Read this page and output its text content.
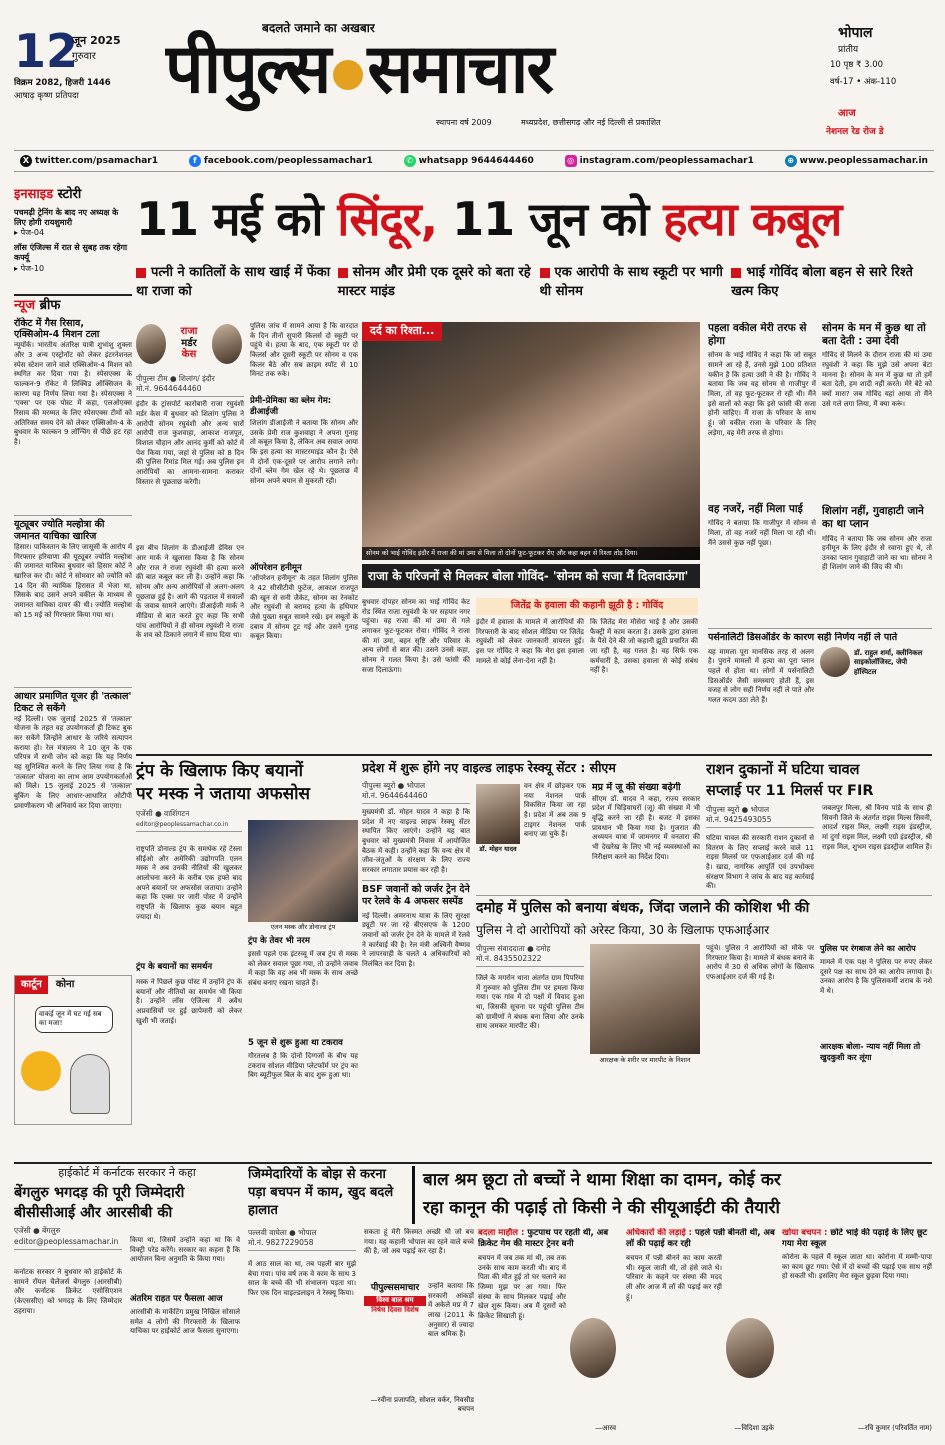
12
जून 2025
गुरुवार
विक्रम 2082, हिजरी 1446
आषाढ़ कृष्ण प्रतिपदा
बदलते जमाने का अखबार
पीपुल्स समाचार
स्थापना वर्ष 2009	मध्यप्रदेश, छत्तीसगढ़ और नई दिल्ली से प्रकाशित
भोपाल
प्रांतीय
10 पृष्ठ ₹ 3.00
वर्ष-17 • अंक-110
आज
नेशनल रेड रोज डे
X twitter.com/psamachar1	f facebook.com/peoplessamachar1	✆ whatsapp 9644644460	◎ instagram.com/peoplessamachar1	⊕ www.peoplessamachar.in
इनसाइड स्टोरी
पचमढ़ी ट्रेनिंग के बाद नए अध्यक्ष के लिए होगी रायशुमारी
▸ पेज-04
लॉस एंजिल्स में रात से सुबह तक रहेगा कर्फ्यू
▸ पेज-10
न्यूज ब्रीफ
रॉकेट में गैस रिसाव, एक्सिओम-4 मिशन टला
न्यूयॉर्क। भारतीय अंतरिक्ष यात्री शुभांशु शुक्ला और 3 अन्य एस्ट्रोनॉट को लेकर इंटरनेशनल स्पेस स्टेशन जाने वाले एक्सिओम-4 मिशन को स्थगित कर दिया गया है। स्पेसएक्स के फाल्कन-9 रॉकेट में लिक्विड ऑक्सिजन के कारण यह निर्णय लिया गया है। स्पेसएक्स ने 'एक्स' पर एक पोस्ट में कहा, एलओएक्स रिसाव की मरम्मत के लिए स्पेसएक्स टीमों को अतिरिक्त समय देने को लेकर एक्सिओम-4 के बुधवार के फाल्कन 9 लॉन्चिंग से पीछे हट रहा है।
यूट्यूबर ज्योति मल्होत्रा की जमानत याचिका खारिज
हिसार। पाकिस्तान के लिए जासूसी के आरोप में गिरफ्तार हरियाणा की यूट्यूबर ज्योति मल्होत्रा की जमानत याचिका बुधवार को हिसार कोर्ट ने खारिज कर दी। कोर्ट ने सोमवार को ज्योति को 14 दिन की न्यायिक हिरासत में भेजा था, जिसके बाद उसने अपने वकील के माध्यम से जमानत याचिका दायर की थी। ज्योति मल्होत्रा को 15 मई को गिरफ्तार किया गया था।
आधार प्रमाणित यूजर ही 'तत्काल' टिकट ले सकेंगे
नई दिल्ली। एक जुलाई 2025 से 'तत्काल' योजना के तहत वह उपयोगकर्ता ही टिकट बुक कर सकेंगे जिन्होंने आधार के जरिये सत्यापन कराया हो। रेल मंत्रालय ने 10 जून के एक परिपत्र में सभी जोन को कहा कि यह निर्णय यह सुनिश्चित करने के लिए लिया गया है कि 'तत्काल' योजना का लाभ आम उपयोगकर्ताओं को मिले। 15 जुलाई 2025 से 'तत्काल' बुकिंग के लिए आधार-आधारित ओटीपी प्रमाणीकरण भी अनिवार्य कर दिया जाएगा।
कार्टून	कोना
वाकई जून में घट गई सब का मजा!
11 मई को सिंदूर, 11 जून को हत्या कबूल
पत्नी ने कातिलों के साथ खाई में फेंका था राजा को
सोनम और प्रेमी एक दूसरे को बता रहे मास्टर माइंड
एक आरोपी के साथ स्कूटी पर भागी थी सोनम
भाई गोविंद बोला बहन से सारे रिश्ते खत्म किए
राजा
मर्डर
केस
पीपुल्स टीम ● शिलांग/ इंदौर
मो.नं. 9644644460
इंदौर के ट्रांसपोर्ट कारोबारी राजा रघुवंशी मर्डर केस में बुधवार को शिलांग पुलिस ने आरोपी सोनम रघुवंशी और अन्य चारों आरोपी राज कुशवाहा, आकाश राजपूत, विशाल चौहान और आनंद कुर्मी को कोर्ट में पेश किया गया, जहां से पुलिस को 8 दिन की पुलिस रिमांड मिल गई। अब पुलिस इन आरोपियों का आमना-सामना कराकर विस्तार से पूछताछ करेगी।
इस बीच शिलांग के डीआईजी डेविस एन आर मार्क ने खुलासा किया है कि सोनम और राज ने राजा रघुवंशी की हत्या करने की बात कबूल कर ली है। उन्होंने कहा कि सोनम और अन्य आरोपियों से अलग-अलग पूछताछ हुई है। आगे की पड़ताल में सवालों के जवाब सामने आएंगे। डीआईजी मार्क ने मीडिया से बात करते हुए कहा कि सभी पांच आरोपियों ने ही सोनम रघुवंशी ने राजा के शव को ठिकाने लगाने में साथ दिया था।
पुलिस जांच में सामने आया है कि वारदात के दिन तीनों सुपारी किलर्स दो स्कूटी पर पहुंचे थे। हत्या के बाद, एक स्कूटी पर दो किलर्स और दूसरी स्कूटी पर सोनम व एक किलर बैठे और सब क्राइम स्पॉट से 10 मिनट तक रुके।
प्रेमी-प्रेमिका का ब्लेम गेम: डीआईजी
शिलांग डीआईजी ने बताया कि सोनम और उसके प्रेमी राज कुशवाहा ने अपना गुनाह तो कबूल किया है, लेकिन अब सवाल आया कि इस हत्या का मास्टरमाइंड कौन है। ऐसे में दोनों एक-दूसरे पर आरोप लगाने लगे। दोनों ब्लेम गेम खेल रहे थे। पूछताछ में सोनम अपने बयान से मुकरती रही।
ऑपरेशन हनीमून
'ऑपरेशन हनीमून' के तहत शिलांग पुलिस ने 42 सीसीटीवी फुटेज, आकाश राजपूत की खून से सनी जैकेट, सोनम का रेनकोट और रघुवंशी से बरामद हत्या के हथियार जैसे पुख्ता सबूत सामने रखे। इन सबूतों के दबाव में सोनम टूट गई और उसने गुनाह कबूल किया।
दर्द का रिश्ता...
सोनम को भाई गोविंद इंदौर में राजा की मां उमा से मिला तो दोनों फूट-फूटकर रोए और कहा बहन से रिश्ता तोड़ दिया।
राजा के परिजनों से मिलकर बोला गोविंद- 'सोनम को सजा मैं दिलवाऊंगा'
बुधवार दोपहर सोनम का भाई गोविंद केट रोड स्थित राजा रघुवंशी के घर सहयार नगर पहुंचा। वह राजा की मां उमा से गले लगाकर फूट-फूटकर रोया। गोविंद ने राजा की मां उमा, बहन सृष्टि और परिवार के अन्य लोगों से बात की। उसने उनसे कहा, सोनम ने गलत किया है। उसे फांसी की सजा दिलाऊंगा।
जितेंद्र के हवाला की कहानी झूठी है : गोविंद
इंदौर में हवाला के मामले में आरोपियों की गिरफ्तारी के बाद सोशल मीडिया पर जितेंद्र रघुवंशी को लेकर जानकारी वायरल हुई। इस पर गोविंद ने कहा कि मेरा इस हवाला मामले से कोई लेना-देना नहीं है।
कि जितेंद्र मेरा मौसेरा भाई है और उसकी फैक्ट्री में काम करता है। उसके द्वारा हवाला के पैसे देने की जो कहानी झूठी प्रचारित की जा रही है, वह गलत है। वह सिर्फ एक कर्मचारी है, उसका हवाला से कोई संबंध नहीं है।
पहला वकील मेरी तरफ से होगा
सोनम के भाई गोविंद ने कहा कि जो सबूत सामने आ रहे हैं, उनसे मुझे 100 प्रतिशत यकीन है कि हत्या उसी ने की है। गोविंद ने बताया कि जब वह सोनम से गाजीपुर में मिला, तो वह फूट-फूटकर रो रही थी। मैंने इसे वालों को कहा कि इसे फांसी की सजा होनी चाहिए। मैं राजा के परिवार के साथ हूं। जो वकील राजा के परिवार के लिए लड़ेगा, वह मेरी तरफ से होगा।
वह नजरें, नहीं मिला पाई
गोविंद ने बताया कि गाजीपुर में सोनम से मिला, तो वह नजरें नहीं मिला पा रही थी। मैंने उससे कुछ नहीं पूछा।
सोनम के मन में कुछ था तो बता देती : उमा देवी
गोविंद से मिलने के दौरान राजा की मां उमा रघुवंशी ने कहा कि मुझे उसे अपना बेटा मानना है। सोनम के मन में कुछ था तो हमें बता देती, हम शादी नहीं करते। मेरे बेटे को क्यों मारा? जब गोविंद यहां आया तो मैंने उसे गले लगा लिया, मैं क्या करूं।
शिलांग नहीं, गुवाहाटी जाने का था प्लान
गोविंद ने बताया कि जब सोनम और राजा हनीमून के लिए इंदौर से रवाना हुए थे, तो उनका प्लान गुवाहाटी जाने का था। सोनम ने ही शिलांग जाने की जिद की थी।
पर्सनालिटी डिसऑर्डर के कारण सही निर्णय नहीं ले पाते
यह मामला पूरा मानसिक तरह से अलग है। पुराने मामलों में हत्या का पूरा प्लान पहले से होता था। लोगों में पर्सनालिटी डिसऑर्डर जैसी समस्याएं होती हैं, इस वजह से लोग सही निर्णय नहीं ले पाते और गलत कदम उठा लेते हैं।
डॉ. राहुल शर्मा, क्लीनिकल साइकोलॉजिस्ट, जेपी हॉस्पिटल
ट्रंप के खिलाफ किए बयानों
पर मस्क ने जताया अफसोस
एजेंसी ● वाशिंगटन
editor@peoplessamachar.co.in
राष्ट्रपति डोनाल्ड ट्रंप के समर्थक रहे टेस्ला सीईओ और अमेरिकी उद्योगपति एलन मस्क ने अब उनकी नीतियों की खुलकर आलोचना करने के करीब एक हफ्ते बाद अपने बयानों पर अफसोस जताया। उन्होंने कहा कि एक्स पर जारी पोस्ट में उन्होंने राष्ट्रपति के खिलाफ कुछ बयान बहुत ज्यादा थे।
ट्रंप के बयानों का समर्थन
मस्क ने पिछले कुछ पोस्ट में उन्होंने ट्रंप के बयानों और नीतियों का समर्थन भी किया है। उन्होंने लॉस एंजिल्स में अवैध अप्रवासियों पर हुई छापेमारी को लेकर खुशी भी जताई।
एलन मस्क और डोनाल्ड ट्रंप
ट्रंप के तेवर भी नरम
इससे पहले एक इंटरव्यू में जब ट्रंप से मस्क को लेकर सवाल पूछा गया, तो उन्होंने जवाब में कहा कि वह अब भी मस्क के साथ अच्छे संबंध बनाए रखना चाहते हैं।
5 जून से शुरू हुआ था टकराव
गौरतलब है कि दोनों दिग्गजों के बीच यह टकराव सोशल मीडिया प्लेटफॉर्म पर ट्रंप का बिग ब्यूटीफुल बिल के बाद शुरू हुआ था।
प्रदेश में शुरू होंगे नए वाइल्ड लाइफ रेस्क्यू सेंटर : सीएम
पीपुल्स ब्यूरो ● भोपाल
मो.नं. 9644644460
मुख्यमंत्री डॉ. मोहन यादव ने कहा है कि प्रदेश में नए वाइल्ड लाइफ रेस्क्यू सेंटर स्थापित किए जाएंगे। उन्होंने यह बात बुधवार को मुख्यमंत्री निवास में आयोजित बैठक में कही। उन्होंने कहा कि वन्य क्षेत्र में जीव-जंतुओं के संरक्षण के लिए राज्य सरकार लगातार प्रयास कर रही है।
डॉ. मोहन यादव
वन क्षेत्र में छोड़कर एक नया नेशनल पार्क विकसित किया जा रहा है। प्रदेश में अब तक 9 टाइगर नेशनल पार्क बनाए जा चुके हैं।
मप्र में जू की संख्या बढ़ेगी
सीएम डॉ. यादव ने कहा, राज्य सरकार प्रदेश में चिड़ियाघरों (जू) की संख्या में भी वृद्धि करने जा रही है। बजट में इसका प्रावधान भी किया गया है। गुजरात की अध्ययन यात्रा में जामनगर में वनतारा की भी देखरेख के लिए भी नई व्यवस्थाओं का निरीक्षण करने का निर्देश दिया।
BSF जवानों को जर्जर ट्रेन देने पर रेलवे के 4 अफसर सस्पेंड
नई दिल्ली। अमरनाथ यात्रा के लिए सुरक्षा ड्यूटी पर जा रहे बीएसएफ के 1200 जवानों को जर्जर ट्रेन देने के मामले में रेलवे ने कार्रवाई की है। रेल मंत्री अश्विनी वैष्णव ने लापरवाही के चलते 4 अधिकारियों को निलंबित कर दिया है।
राशन दुकानों में घटिया चावल
सप्लाई पर 11 मिलर्स पर FIR
पीपुल्स ब्यूरो ● भोपाल
मो.नं. 9425493055
घटिया चावल की सरकारी राशन दुकानों से वितरण के लिए सप्लाई करने वाले 11 राइस मिलर्स पर एफआईआर दर्ज की गई है। खाद्य, नागरिक आपूर्ति एवं उपभोक्ता संरक्षण विभाग ने जांच के बाद यह कार्रवाई की।
जबलपुर मिल्स, श्री विनय पांडे के साथ ही सिवनी जिले के अंतर्गत राइस मिल्स सिवनी, आदर्श राइस मिल, लक्ष्मी राइस इंडस्ट्रीज, मां दुर्गा राइस मिल, लक्ष्मी एग्रो इंडस्ट्रीज, श्री राइस मिल, शुभम राइस इंडस्ट्रीज शामिल हैं।
दमोह में पुलिस को बनाया बंधक, जिंदा जलाने की कोशिश भी की
पुलिस ने दो आरोपियों को अरेस्ट किया, 30 के खिलाफ एफआईआर
पीपुल्स संवाददाता ● दमोह
मो.नं. 8435502322
जिले के मगरोन थाना अंतर्गत ग्राम पिपरिया में गुरुवार को पुलिस टीम पर हमला किया गया। एक गांव में दो पक्षों में विवाद हुआ था, जिसकी सूचना पर पहुंची पुलिस टीम को ग्रामीणों ने बंधक बना लिया और उनके साथ जमकर मारपीट की।
आरक्षक के शरीर पर मारपीट के निशान
पहुंचे। पुलिस ने आरोपियों को मौके पर गिरफ्तार किया है। मामले में बंधक बनाने के आरोप में 30 से अधिक लोगों के खिलाफ एफआईआर दर्ज की गई है।
पुलिस पर रंगबाज लेने का आरोप
मामले में एक पक्ष ने पुलिस पर रुपए लेकर दूसरे पक्ष का साथ देने का आरोप लगाया है। उनका आरोप है कि पुलिसकर्मी शराब के नशे में थे।
आरक्षक बोला- न्याय नहीं मिला तो खुदकुशी कर लूंगा
हाईकोर्ट में कर्नाटक सरकार ने कहा
बेंगलुरु भगदड़ की पूरी जिम्मेदारी बीसीसीआई और आरसीबी की
एजेंसी ● बेंगलुरु
editor@peoplessamachar.in
कर्नाटक सरकार ने बुधवार को हाईकोर्ट के सामने रॉयल चैलेंजर्स बेंगलुरु (आरसीबी) और कर्नाटक क्रिकेट एसोसिएशन (केएससीए) को भगदड़ के लिए जिम्मेदार ठहराया।
किया था, जिसमें उन्होंने कहा था कि वे विक्ट्री परेड करेंगे। सरकार का कहना है कि आयोजन बिना अनुमति के किया गया।
अंतरिम राहत पर फैसला आज
आरसीबी के मार्केटिंग प्रमुख निखिल सोसाले समेत 4 लोगों की गिरफ्तारी के खिलाफ याचिका पर हाईकोर्ट आज फैसला सुनाएगा।
जिम्मेदारियों के बोझ से करना पड़ा बचपन में काम, खुद बदले हालात
बाल श्रम छूटा तो बच्चों ने थामा शिक्षा का दामन, कोई कर
रहा कानून की पढ़ाई तो किसी ने की सीयूआईटी की तैयारी
पल्लवी वाघेला ● भोपाल
मो.नं. 9827229058
में आठ साल का था, तब पहली बार मुझे बेचा गया। पांच वर्ष तक वे काम के साथ 3 साल के बच्चे की भी संभालना पड़ता था। फिर एक दिन चाइल्डलाइन ने रेस्क्यू किया।
सकता हूं मेरी किस्मत अच्छी थी जो बच गया। यह कहानी भोपाल का रहने वाले बच्चे की है, जो अब पढ़ाई कर रहा है।
पीपुल्ससमाचार
विश्व बाल श्रम
निषेध दिवस विशेष
उन्होंने बताया कि सरकारी आंकड़ों में अकेले मप्र में 7 लाख (2011 के अनुसार) से ज्यादा बाल श्रमिक हैं।
—रवीना प्रजापति, सोशल वर्कर, निवसीड बचपन
बदला माहौल : फुटपाथ पर रहती थी, अब क्रिकेट गेम की मास्टर ट्रेनर बनी
बचपन में जब तक मां थी, तब तक उनके साथ काम करती थी। बाद में पिता की मौत हुई तो घर चलाने का जिम्मा मुझ पर आ गया। फिर संस्था के साथ मिलकर पढ़ाई और खेल शुरू किया। अब मैं दूसरों को क्रिकेट सिखाती हूं।
—आरव
अधिकारों की लड़ाई : पहले पन्नी बीनती थी, अब लॉ की पढ़ाई कर रही
बचपन में पन्नी बीनने का काम करती थी। स्कूल जाती थी, तो हंसे जाते थे। परिवार के कहने पर संस्था की मदद ली और आज मैं लॉ की पढ़ाई कर रही हूं।
—विदिशा उइके
खोया बचपन : छोटे भाई की पढ़ाई के लिए छूट गया मेरा स्कूल
कोरोना के पहले मैं स्कूल जाता था। कोरोना में मम्मी-पापा का काम छूट गया। ऐसे में दो बच्चों की पढ़ाई एक साथ नहीं हो सकती थी। इसलिए मेरा स्कूल छुड़वा दिया गया।
—रवि कुमार (परिवर्तित नाम)
